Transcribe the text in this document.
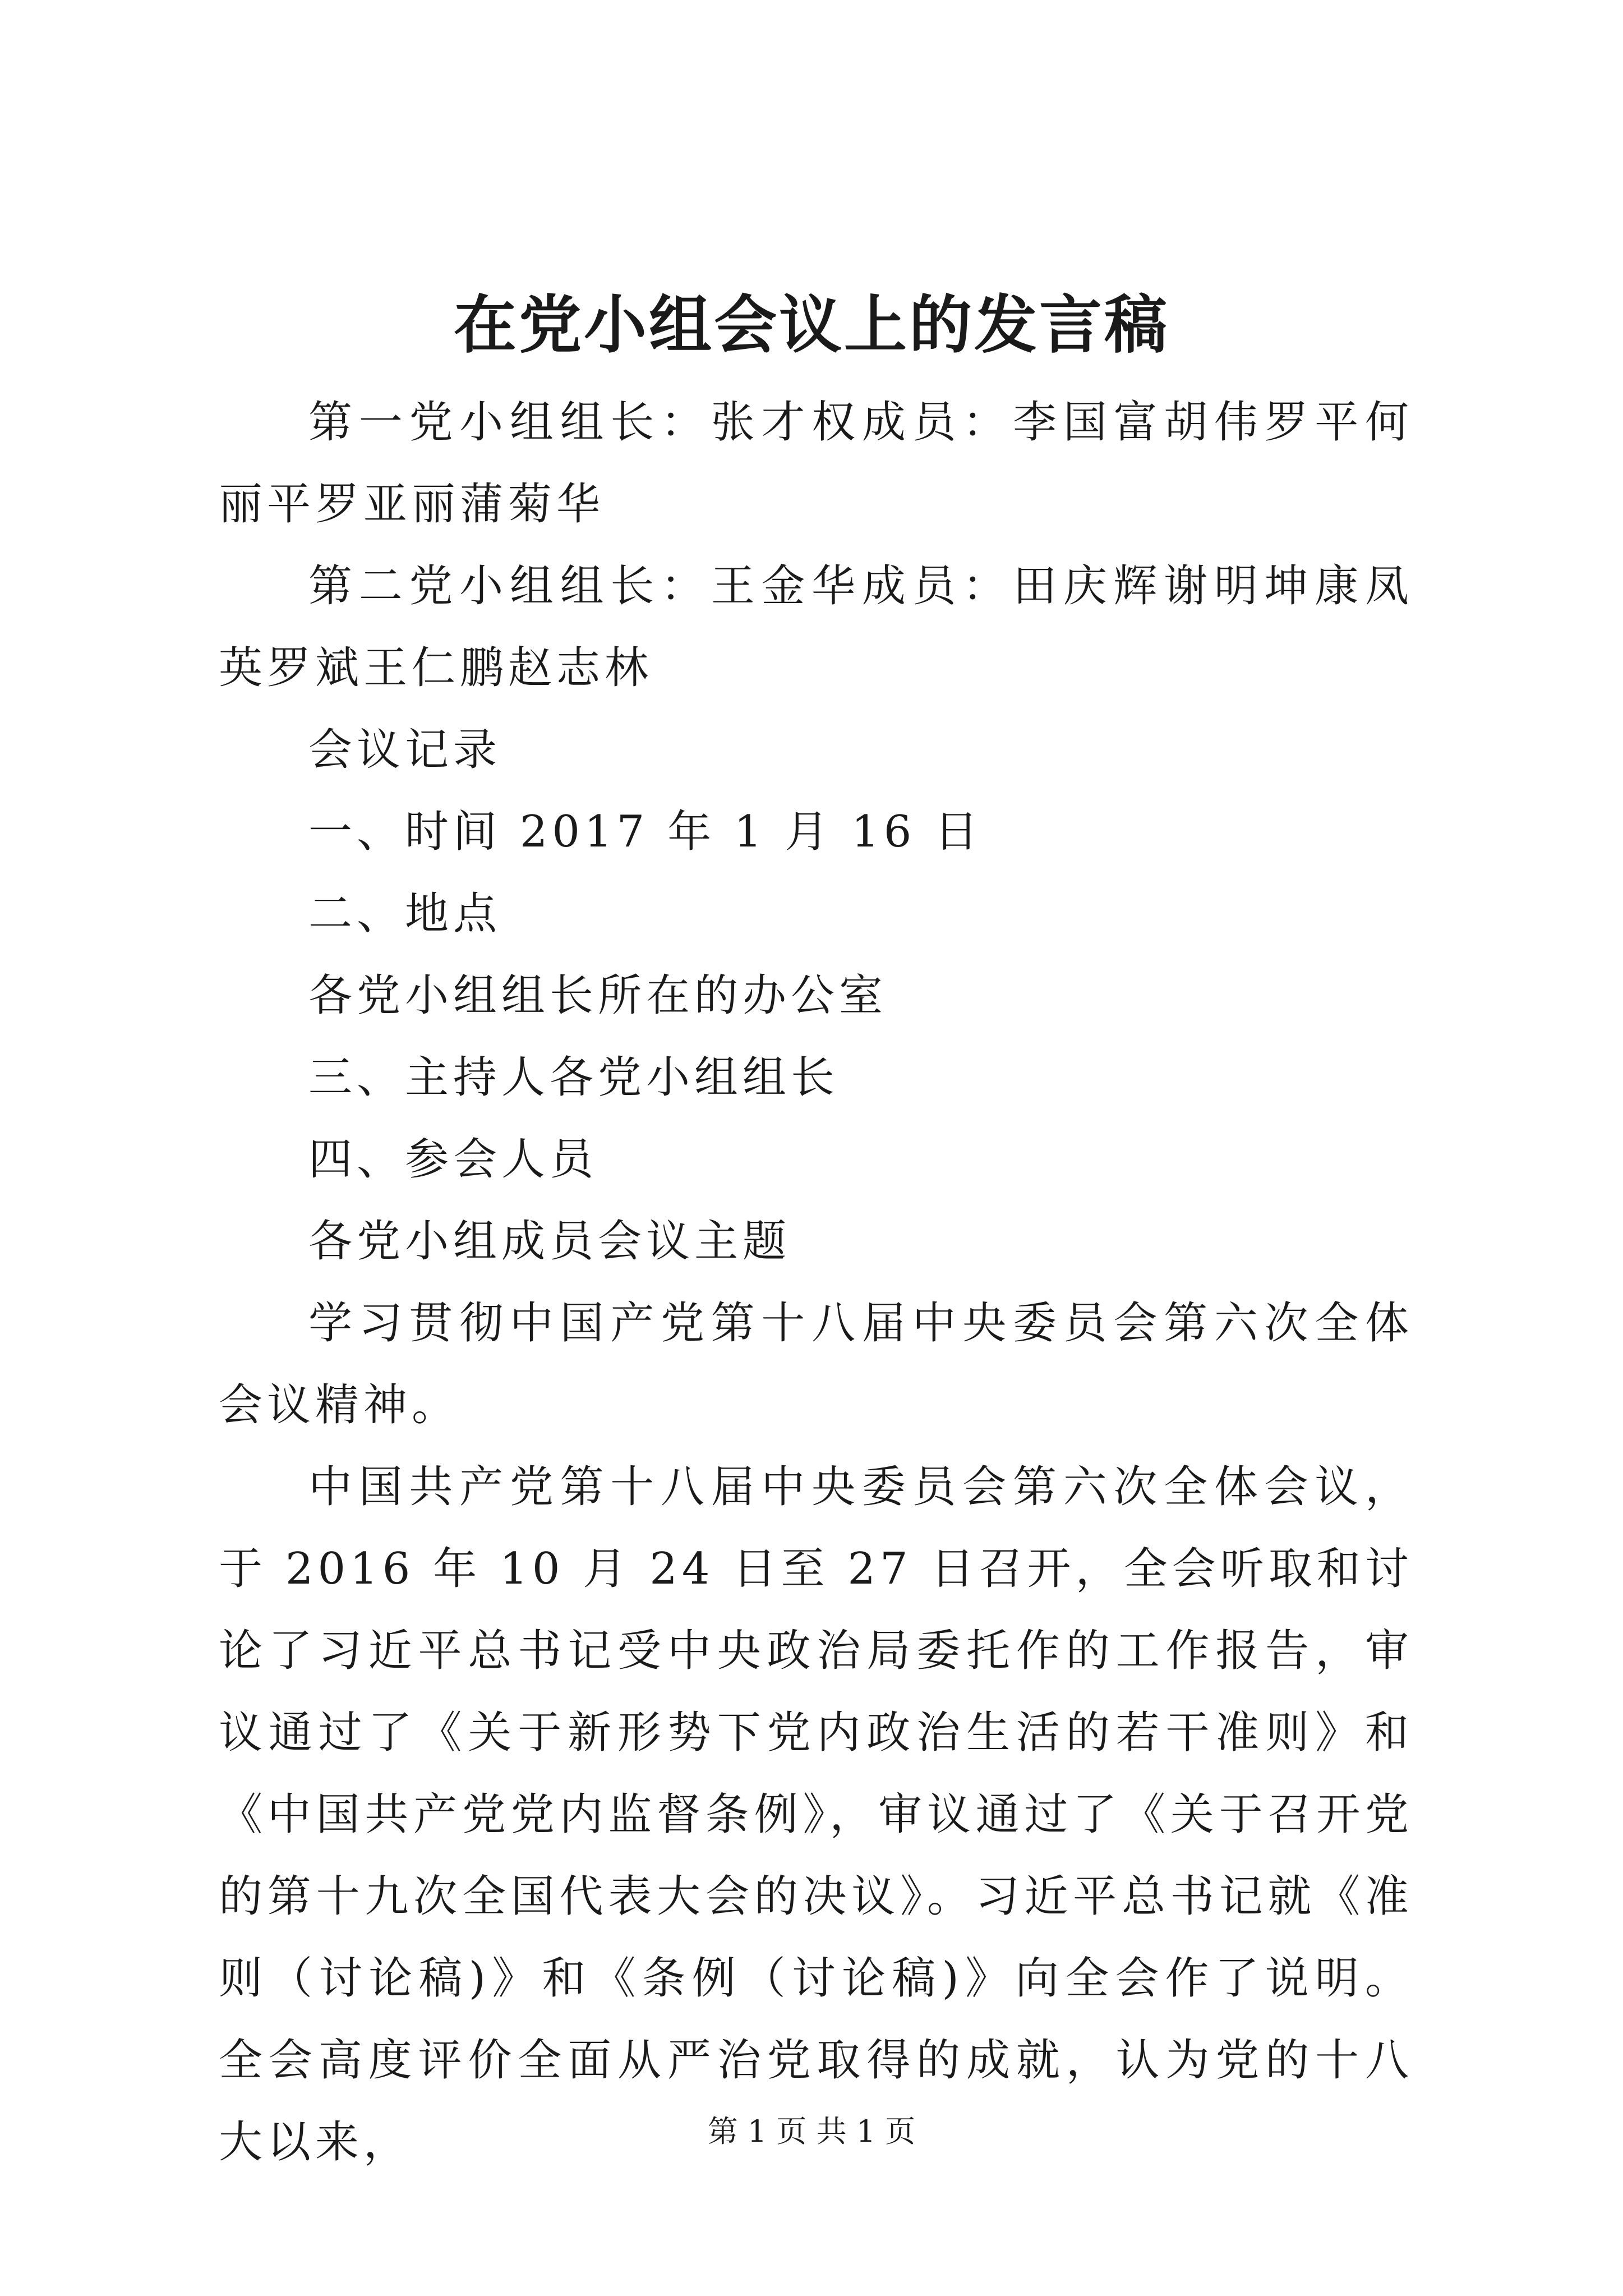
在党小组会议上的发言稿

第一党小组组长：张才权成员：李国富胡伟罗平何丽平罗亚丽蒲菊华

第二党小组组长：王金华成员：田庆辉谢明坤康凤英罗斌王仁鹏赵志林

会议记录

一、时间 2017 年 1 月 16 日

二、地点

各党小组组长所在的办公室

三、主持人各党小组组长

四、参会人员

各党小组成员会议主题

学习贯彻中国产党第十八届中央委员会第六次全体会议精神。

中国共产党第十八届中央委员会第六次全体会议，于 2016 年 10 月 24 日至 27 日召开，全会听取和讨论了习近平总书记受中央政治局委托作的工作报告，审议通过了《关于新形势下党内政治生活的若干准则》和《中国共产党党内监督条例》，审议通过了《关于召开党的第十九次全国代表大会的决议》。习近平总书记就《准则（讨论稿)》和《条例（讨论稿)》向全会作了说明。全会高度评价全面从严治党取得的成就，认为党的十八大以来，	第 1 页 共 1 页
